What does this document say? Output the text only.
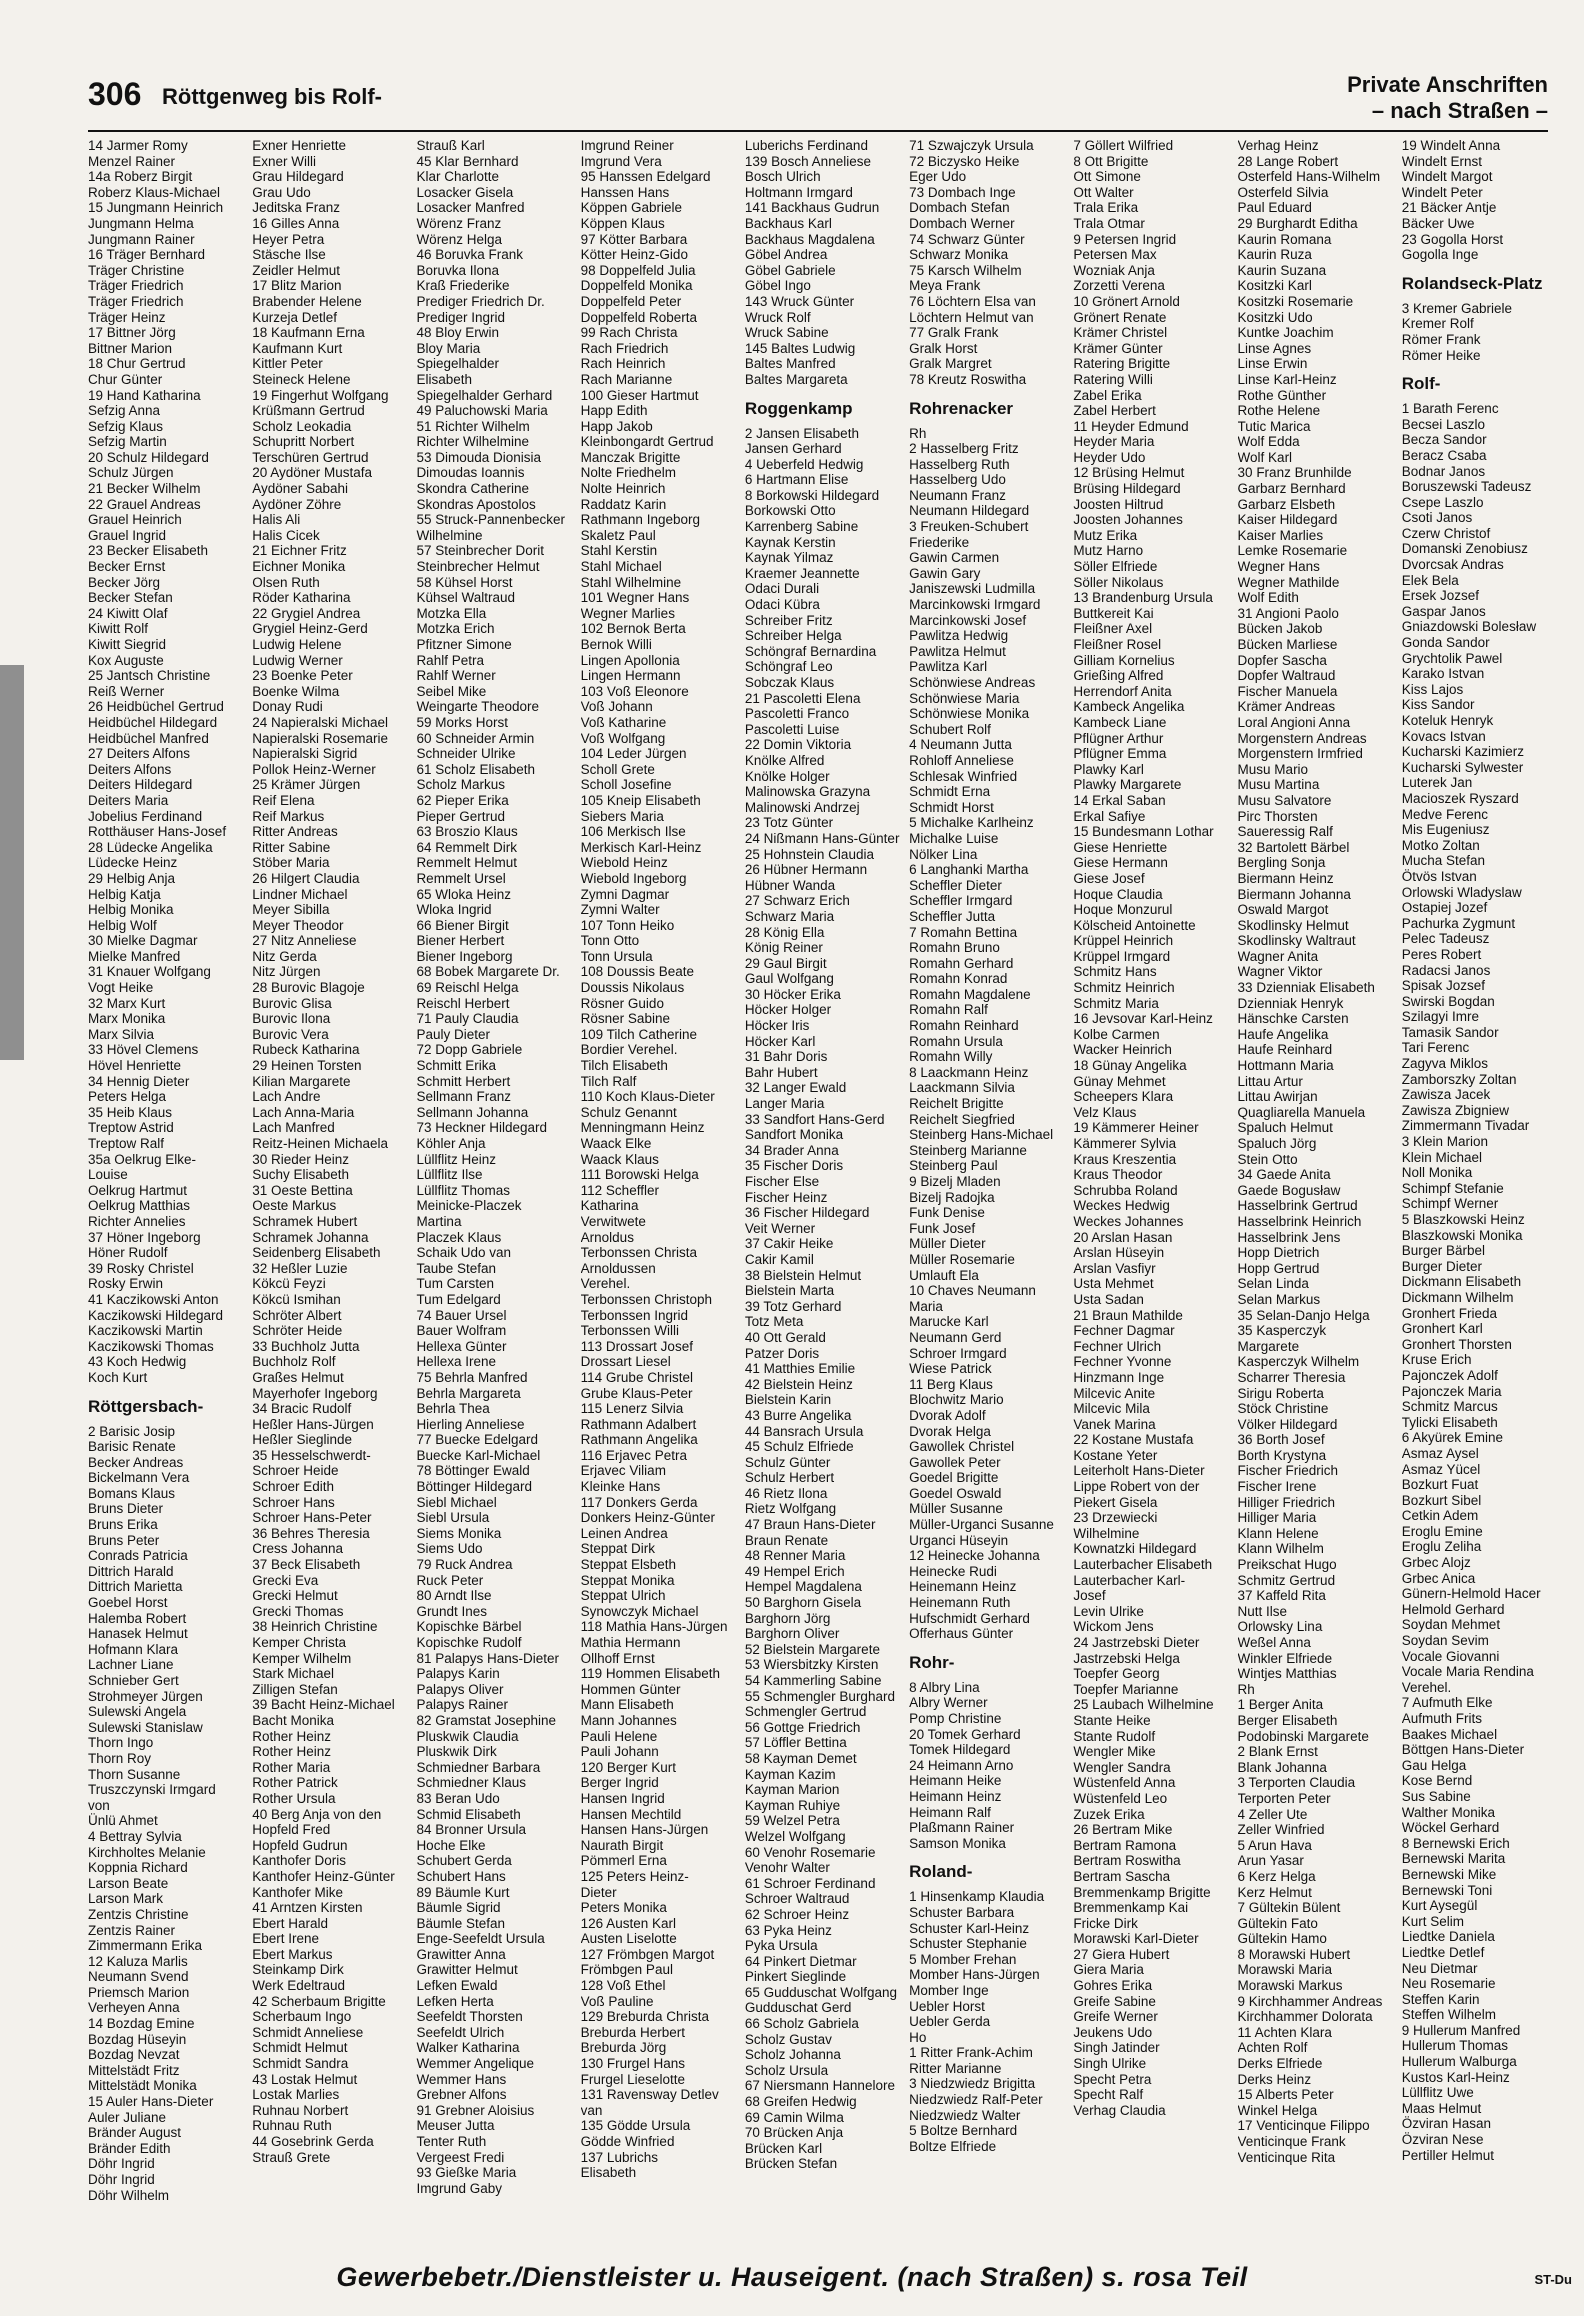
306 Röttgenweg bis Rolf-	Private Anschriften
– nach Straßen –
14 Jarmer Romy
Menzel Rainer
14a Roberz Birgit
Roberz Klaus-Michael
15 Jungmann Heinrich
Jungmann Helma
Jungmann Rainer
16 Träger Bernhard
Träger Christine
Träger Friedrich
Träger Friedrich
Träger Heinz
17 Bittner Jörg
Bittner Marion
18 Chur Gertrud
Chur Günter
19 Hand Katharina
Sefzig Anna
Sefzig Klaus
Sefzig Martin
20 Schulz Hildegard
Schulz Jürgen
21 Becker Wilhelm
22 Grauel Andreas
Grauel Heinrich
Grauel Ingrid
23 Becker Elisabeth
Becker Ernst
Becker Jörg
Becker Stefan
24 Kiwitt Olaf
Kiwitt Rolf
Kiwitt Siegrid
Kox Auguste
25 Jantsch Christine
Reiß Werner
26 Heidbüchel Gertrud
Heidbüchel Hildegard
Heidbüchel Manfred
27 Deiters Alfons
Deiters Alfons
Deiters Hildegard
Deiters Maria
Jobelius Ferdinand
Rotthäuser Hans-Josef
28 Lüdecke Angelika
Lüdecke Heinz
29 Helbig Anja
Helbig Katja
Helbig Monika
Helbig Wolf
30 Mielke Dagmar
Mielke Manfred
31 Knauer Wolfgang
Vogt Heike
32 Marx Kurt
Marx Monika
Marx Silvia
33 Hövel Clemens
Hövel Henriette
34 Hennig Dieter
Peters Helga
35 Heib Klaus
Treptow Astrid
Treptow Ralf
35a Oelkrug Elke-
Louise
Oelkrug Hartmut
Oelkrug Matthias
Richter Annelies
37 Höner Ingeborg
Höner Rudolf
39 Rosky Christel
Rosky Erwin
41 Kaczikowski Anton
Kaczikowski Hildegard
Kaczikowski Martin
Kaczikowski Thomas
43 Koch Hedwig
Koch Kurt
Röttgersbach-
2 Barisic Josip
Barisic Renate
Becker Andreas
Bickelmann Vera
Bomans Klaus
Bruns Dieter
Bruns Erika
Bruns Peter
Conrads Patricia
Dittrich Harald
Dittrich Marietta
Goebel Horst
Halemba Robert
Hanasek Helmut
Hofmann Klara
Lachner Liane
Schnieber Gert
Strohmeyer Jürgen
Sulewski Angela
Sulewski Stanislaw
Thorn Ingo
Thorn Roy
Thorn Susanne
Truszczynski Irmgard
von
Ünlü Ahmet
4 Bettray Sylvia
Kirchholtes Melanie
Koppnia Richard
Larson Beate
Larson Mark
Zentzis Christine
Zentzis Rainer
Zimmermann Erika
12 Kaluza Marlis
Neumann Svend
Priemsch Marion
Verheyen Anna
14 Bozdag Emine
Bozdag Hüseyin
Bozdag Nevzat
Mittelstädt Fritz
Mittelstädt Monika
15 Auler Hans-Dieter
Auler Juliane
Bränder August
Bränder Edith
Döhr Ingrid
Döhr Ingrid
Döhr Wilhelm
Exner Henriette
Exner Willi
Grau Hildegard
Grau Udo
Jeditska Franz
16 Gilles Anna
Heyer Petra
Stäsche Ilse
Zeidler Helmut
17 Blitz Marion
Brabender Helene
Kurzeja Detlef
18 Kaufmann Erna
Kaufmann Kurt
Kittler Peter
Steineck Helene
19 Fingerhut Wolfgang
Krüßmann Gertrud
Scholz Leokadia
Schupritt Norbert
Terschüren Gertrud
20 Aydöner Mustafa
Aydöner Sabahi
Aydöner Zöhre
Halis Ali
Halis Cicek
21 Eichner Fritz
Eichner Monika
Olsen Ruth
Röder Katharina
22 Grygiel Andrea
Grygiel Heinz-Gerd
Ludwig Helene
Ludwig Werner
23 Boenke Peter
Boenke Wilma
Donay Rudi
24 Napieralski Michael
Napieralski Rosemarie
Napieralski Sigrid
Pollok Heinz-Werner
25 Krämer Jürgen
Reif Elena
Reif Markus
Ritter Andreas
Ritter Sabine
Stöber Maria
26 Hilgert Claudia
Lindner Michael
Meyer Sibilla
Meyer Theodor
27 Nitz Anneliese
Nitz Gerda
Nitz Jürgen
28 Burovic Blagoje
Burovic Glisa
Burovic Ilona
Burovic Vera
Rubeck Katharina
29 Heinen Torsten
Kilian Margarete
Lach Andre
Lach Anna-Maria
Lach Manfred
Reitz-Heinen Michaela
30 Rieder Heinz
Suchy Elisabeth
31 Oeste Bettina
Oeste Markus
Schramek Hubert
Schramek Johanna
Seidenberg Elisabeth
32 Heßler Luzie
Kökcü Feyzi
Kökcü Ismihan
Schröter Albert
Schröter Heide
33 Buchholz Jutta
Buchholz Rolf
Graßes Helmut
Mayerhofer Ingeborg
34 Bracic Rudolf
Heßler Hans-Jürgen
Heßler Sieglinde
35 Hesselschwerdt-
Schroer Heide
Schroer Edith
Schroer Hans
Schroer Hans-Peter
36 Behres Theresia
Cress Johanna
37 Beck Elisabeth
Grecki Eva
Grecki Helmut
Grecki Thomas
38 Heinrich Christine
Kemper Christa
Kemper Wilhelm
Stark Michael
Zilligen Stefan
39 Bacht Heinz-Michael
Bacht Monika
Rother Heinz
Rother Heinz
Rother Maria
Rother Patrick
Rother Ursula
40 Berg Anja von den
Hopfeld Fred
Hopfeld Gudrun
Kanthofer Doris
Kanthofer Heinz-Günter
Kanthofer Mike
41 Arntzen Kirsten
Ebert Harald
Ebert Irene
Ebert Markus
Steinkamp Dirk
Werk Edeltraud
42 Scherbaum Brigitte
Scherbaum Ingo
Schmidt Anneliese
Schmidt Helmut
Schmidt Sandra
43 Lostak Helmut
Lostak Marlies
Ruhnau Norbert
Ruhnau Ruth
44 Gosebrink Gerda
Strauß Grete
Strauß Karl
45 Klar Bernhard
Klar Charlotte
Losacker Gisela
Losacker Manfred
Wörenz Franz
Wörenz Helga
46 Boruvka Frank
Boruvka Ilona
Kraß Friederike
Prediger Friedrich Dr.
Prediger Ingrid
48 Bloy Erwin
Bloy Maria
Spiegelhalder
Elisabeth
Spiegelhalder Gerhard
49 Paluchowski Maria
51 Richter Wilhelm
Richter Wilhelmine
53 Dimouda Dionisia
Dimoudas Ioannis
Skondra Catherine
Skondras Apostolos
55 Struck-Pannenbecker
Wilhelmine
57 Steinbrecher Dorit
Steinbrecher Helmut
58 Kühsel Horst
Kühsel Waltraud
Motzka Ella
Motzka Erich
Pfitzner Simone
Rahlf Petra
Rahlf Werner
Seibel Mike
Weingarte Theodore
59 Morks Horst
60 Schneider Armin
Schneider Ulrike
61 Scholz Elisabeth
Scholz Markus
62 Pieper Erika
Pieper Gertrud
63 Broszio Klaus
64 Remmelt Dirk
Remmelt Helmut
Remmelt Ursel
65 Wloka Heinz
Wloka Ingrid
66 Biener Birgit
Biener Herbert
Biener Ingeborg
68 Bobek Margarete Dr.
69 Reischl Helga
Reischl Herbert
71 Pauly Claudia
Pauly Dieter
72 Dopp Gabriele
Schmitt Erika
Schmitt Herbert
Sellmann Franz
Sellmann Johanna
73 Heckner Hildegard
Köhler Anja
Lüllflitz Heinz
Lüllflitz Ilse
Lüllflitz Thomas
Meinicke-Placzek
Martina
Placzek Klaus
Schaik Udo van
Taube Stefan
Tum Carsten
Tum Edelgard
74 Bauer Ursel
Bauer Wolfram
Hellexa Günter
Hellexa Irene
75 Behrla Manfred
Behrla Margareta
Behrla Thea
Hierling Anneliese
77 Buecke Edelgard
Buecke Karl-Michael
78 Böttinger Ewald
Böttinger Hildegard
Siebl Michael
Siebl Ursula
Siems Monika
Siems Udo
79 Ruck Andrea
Ruck Peter
80 Arndt Ilse
Grundt Ines
Kopischke Bärbel
Kopischke Rudolf
81 Palapys Hans-Dieter
Palapys Karin
Palapys Oliver
Palapys Rainer
82 Gramstat Josephine
Pluskwik Claudia
Pluskwik Dirk
Schmiedner Barbara
Schmiedner Klaus
83 Beran Udo
Schmid Elisabeth
84 Bronner Ursula
Hoche Elke
Schubert Gerda
Schubert Hans
89 Bäumle Kurt
Bäumle Sigrid
Bäumle Stefan
Enge-Seefeldt Ursula
Grawitter Anna
Grawitter Helmut
Lefken Ewald
Lefken Herta
Seefeldt Thorsten
Seefeldt Ulrich
Walker Katharina
Wemmer Angelique
Wemmer Hans
Grebner Alfons
91 Grebner Aloisius
Meuser Jutta
Tenter Ruth
Vergeest Fredi
93 Gießke Maria
Imgrund Gaby
Imgrund Reiner
Imgrund Vera
95 Hanssen Edelgard
Hanssen Hans
Köppen Gabriele
Köppen Klaus
97 Kötter Barbara
Kötter Heinz-Gido
98 Doppelfeld Julia
Doppelfeld Monika
Doppelfeld Peter
Doppelfeld Roberta
99 Rach Christa
Rach Friedrich
Rach Heinrich
Rach Marianne
100 Gieser Hartmut
Happ Edith
Happ Jakob
Kleinbongardt Gertrud
Manczak Brigitte
Nolte Friedhelm
Nolte Heinrich
Raddatz Karin
Rathmann Ingeborg
Skaletz Paul
Stahl Kerstin
Stahl Michael
Stahl Wilhelmine
101 Wegner Hans
Wegner Marlies
102 Bernok Berta
Bernok Willi
Lingen Apollonia
Lingen Hermann
103 Voß Eleonore
Voß Johann
Voß Katharine
Voß Wolfgang
104 Leder Jürgen
Scholl Grete
Scholl Josefine
105 Kneip Elisabeth
Siebers Maria
106 Merkisch Ilse
Merkisch Karl-Heinz
Wiebold Heinz
Wiebold Ingeborg
Zymni Dagmar
Zymni Walter
107 Tonn Heiko
Tonn Otto
Tonn Ursula
108 Doussis Beate
Doussis Nikolaus
Rösner Guido
Rösner Sabine
109 Tilch Catherine
Bordier Verehel.
Tilch Elisabeth
Tilch Ralf
110 Koch Klaus-Dieter
Schulz Genannt
Menningmann Heinz
Waack Elke
Waack Klaus
111 Borowski Helga
112 Scheffler
Katharina
Verwitwete
Arnoldus
Terbonssen Christa
Arnoldussen
Verehel.
Terbonssen Christoph
Terbonssen Ingrid
Terbonssen Willi
113 Drossart Josef
Drossart Liesel
114 Grube Christel
Grube Klaus-Peter
115 Lenerz Silvia
Rathmann Adalbert
Rathmann Angelika
116 Erjavec Petra
Erjavec Viliam
Kleinke Hans
117 Donkers Gerda
Donkers Heinz-Günter
Leinen Andrea
Steppat Dirk
Steppat Elsbeth
Steppat Monika
Steppat Ulrich
Synowczyk Michael
118 Mathia Hans-Jürgen
Mathia Hermann
Ollhoff Ernst
119 Hommen Elisabeth
Hommen Günter
Mann Elisabeth
Mann Johannes
Pauli Helene
Pauli Johann
120 Berger Kurt
Berger Ingrid
Hansen Ingrid
Hansen Mechtild
Hansen Hans-Jürgen
Naurath Birgit
Pömmerl Erna
125 Peters Heinz-
Dieter
Peters Monika
126 Austen Karl
Austen Liselotte
127 Frömbgen Margot
Frömbgen Paul
128 Voß Ethel
Voß Pauline
129 Breburda Christa
Breburda Herbert
Breburda Jörg
130 Frurgel Hans
Frurgel Lieselotte
131 Ravensway Detlev
van
135 Gödde Ursula
Gödde Winfried
137 Lubrichs
Elisabeth
Luberichs Ferdinand
139 Bosch Anneliese
Bosch Ulrich
Holtmann Irmgard
141 Backhaus Gudrun
Backhaus Karl
Backhaus Magdalena
Göbel Andrea
Göbel Gabriele
Göbel Ingo
143 Wruck Günter
Wruck Rolf
Wruck Sabine
145 Baltes Ludwig
Baltes Manfred
Baltes Margareta
Roggenkamp
2 Jansen Elisabeth
Jansen Gerhard
4 Ueberfeld Hedwig
6 Hartmann Elise
8 Borkowski Hildegard
Borkowski Otto
Karrenberg Sabine
Kaynak Kerstin
Kaynak Yilmaz
Kraemer Jeannette
Odaci Durali
Odaci Kübra
Schreiber Fritz
Schreiber Helga
Schöngraf Bernardina
Schöngraf Leo
Sobczak Klaus
21 Pascoletti Elena
Pascoletti Franco
Pascoletti Luise
22 Domin Viktoria
Knölke Alfred
Knölke Holger
Malinowska Grazyna
Malinowski Andrzej
23 Totz Günter
24 Nißmann Hans-Günter
25 Hohnstein Claudia
26 Hübner Hermann
Hübner Wanda
27 Schwarz Erich
Schwarz Maria
28 König Ella
König Reiner
29 Gaul Birgit
Gaul Wolfgang
30 Höcker Erika
Höcker Holger
Höcker Iris
Höcker Karl
31 Bahr Doris
Bahr Hubert
32 Langer Ewald
Langer Maria
33 Sandfort Hans-Gerd
Sandfort Monika
34 Brader Anna
35 Fischer Doris
Fischer Else
Fischer Heinz
36 Fischer Hildegard
Veit Werner
37 Cakir Heike
Cakir Kamil
38 Bielstein Helmut
Bielstein Marta
39 Totz Gerhard
Totz Meta
40 Ott Gerald
Patzer Doris
41 Matthies Emilie
42 Bielstein Heinz
Bielstein Karin
43 Burre Angelika
44 Bansrach Ursula
45 Schulz Elfriede
Schulz Günter
Schulz Herbert
46 Rietz Ilona
Rietz Wolfgang
47 Braun Hans-Dieter
Braun Renate
48 Renner Maria
49 Hempel Erich
Hempel Magdalena
50 Barghorn Gisela
Barghorn Jörg
Barghorn Oliver
52 Bielstein Margarete
53 Wiersbitzky Kirsten
54 Kammerling Sabine
55 Schmengler Burghard
Schmengler Gertrud
56 Gottge Friedrich
57 Löffler Bettina
58 Kayman Demet
Kayman Kazim
Kayman Marion
Kayman Ruhiye
59 Welzel Petra
Welzel Wolfgang
60 Venohr Rosemarie
Venohr Walter
61 Schroer Ferdinand
Schroer Waltraud
62 Schroer Heinz
63 Pyka Heinz
Pyka Ursula
64 Pinkert Dietmar
Pinkert Sieglinde
65 Gudduschat Wolfgang
Gudduschat Gerd
66 Scholz Gabriela
Scholz Gustav
Scholz Johanna
Scholz Ursula
67 Niersmann Hannelore
68 Greifen Hedwig
69 Camin Wilma
70 Brücken Anja
Brücken Karl
Brücken Stefan
71 Szwajczyk Ursula
72 Biczysko Heike
Eger Udo
73 Dombach Inge
Dombach Stefan
Dombach Werner
74 Schwarz Günter
Schwarz Monika
75 Karsch Wilhelm
Meya Frank
76 Löchtern Elsa van
Löchtern Helmut van
77 Gralk Frank
Gralk Horst
Gralk Margret
78 Kreutz Roswitha
Rohrenacker
Rh
2 Hasselberg Fritz
Hasselberg Ruth
Hasselberg Udo
Neumann Franz
Neumann Hildegard
3 Freuken-Schubert
Friederike
Gawin Carmen
Gawin Gary
Janiszewski Ludmilla
Marcinkowski Irmgard
Marcinkowski Josef
Pawlitza Hedwig
Pawlitza Helmut
Pawlitza Karl
Schönwiese Andreas
Schönwiese Maria
Schönwiese Monika
Schubert Rolf
4 Neumann Jutta
Rohloff Anneliese
Schlesak Winfried
Schmidt Erna
Schmidt Horst
5 Michalke Karlheinz
Michalke Luise
Nölker Lina
6 Langhanki Martha
Scheffler Dieter
Scheffler Irmgard
Scheffler Jutta
7 Romahn Bettina
Romahn Bruno
Romahn Gerhard
Romahn Konrad
Romahn Magdalene
Romahn Ralf
Romahn Reinhard
Romahn Ursula
Romahn Willy
8 Laackmann Heinz
Laackmann Silvia
Reichelt Brigitte
Reichelt Siegfried
Steinberg Hans-Michael
Steinberg Marianne
Steinberg Paul
9 Bizelj Mladen
Bizelj Radojka
Funk Denise
Funk Josef
Müller Dieter
Müller Rosemarie
Umlauft Ela
10 Chaves Neumann
Maria
Marucke Karl
Neumann Gerd
Schroer Irmgard
Wiese Patrick
11 Berg Klaus
Blochwitz Mario
Dvorak Adolf
Dvorak Helga
Gawollek Christel
Gawollek Peter
Goedel Brigitte
Goedel Oswald
Müller Susanne
Müller-Urganci Susanne
Urganci Hüseyin
12 Heinecke Johanna
Heinecke Rudi
Heinemann Heinz
Heinemann Ruth
Hufschmidt Gerhard
Offerhaus Günter
Rohr-
8 Albry Lina
Albry Werner
Pomp Christine
20 Tomek Gerhard
Tomek Hildegard
24 Heimann Arno
Heimann Heike
Heimann Heinz
Heimann Ralf
Plaßmann Rainer
Samson Monika
Roland-
1 Hinsenkamp Klaudia
Schuster Barbara
Schuster Karl-Heinz
Schuster Stephanie
5 Momber Frehan
Momber Hans-Jürgen
Momber Inge
Uebler Horst
Uebler Gerda
Ho
1 Ritter Frank-Achim
Ritter Marianne
3 Niedzwiedz Brigitta
Niedzwiedz Ralf-Peter
Niedzwiedz Walter
5 Boltze Bernhard
Boltze Elfriede
7 Göllert Wilfried
8 Ott Brigitte
Ott Simone
Ott Walter
Trala Erika
Trala Otmar
9 Petersen Ingrid
Petersen Max
Wozniak Anja
Zorzetti Verena
10 Grönert Arnold
Grönert Renate
Krämer Christel
Krämer Günter
Ratering Brigitte
Ratering Willi
Zabel Erika
Zabel Herbert
11 Heyder Edmund
Heyder Maria
Heyder Udo
12 Brüsing Helmut
Brüsing Hildegard
Joosten Hiltrud
Joosten Johannes
Mutz Erika
Mutz Harno
Söller Elfriede
Söller Nikolaus
13 Brandenburg Ursula
Buttkereit Kai
Fleißner Axel
Fleißner Rosel
Gilliam Kornelius
Grießing Alfred
Herrendorf Anita
Kambeck Angelika
Kambeck Liane
Pflügner Arthur
Pflügner Emma
Plawky Karl
Plawky Margarete
14 Erkal Saban
Erkal Safiye
15 Bundesmann Lothar
Giese Henriette
Giese Hermann
Giese Josef
Hoque Claudia
Hoque Monzurul
Kölscheid Antoinette
Krüppel Heinrich
Krüppel Irmgard
Schmitz Hans
Schmitz Heinrich
Schmitz Maria
16 Jevsovar Karl-Heinz
Kolbe Carmen
Wacker Heinrich
18 Günay Angelika
Günay Mehmet
Scheepers Klara
Velz Klaus
19 Kämmerer Heiner
Kämmerer Sylvia
Kraus Kreszentia
Kraus Theodor
Schrubba Roland
Weckes Hedwig
Weckes Johannes
20 Arslan Hasan
Arslan Hüseyin
Arslan Vasfiyr
Usta Mehmet
Usta Sadan
21 Braun Mathilde
Fechner Dagmar
Fechner Ulrich
Fechner Yvonne
Hinzmann Inge
Milcevic Anite
Milcevic Mila
Vanek Marina
22 Kostane Mustafa
Kostane Yeter
Leiterholt Hans-Dieter
Lippe Robert von der
Piekert Gisela
23 Drzewiecki
Wilhelmine
Kownatzki Hildegard
Lauterbacher Elisabeth
Lauterbacher Karl-
Josef
Levin Ulrike
Wickom Jens
24 Jastrzebski Dieter
Jastrzebski Helga
Toepfer Georg
Toepfer Marianne
25 Laubach Wilhelmine
Stante Heike
Stante Rudolf
Wengler Mike
Wengler Sandra
Wüstenfeld Anna
Wüstenfeld Leo
Zuzek Erika
26 Bertram Mike
Bertram Ramona
Bertram Roswitha
Bertram Sascha
Bremmenkamp Brigitte
Bremmenkamp Kai
Fricke Dirk
Morawski Karl-Dieter
27 Giera Hubert
Giera Maria
Gohres Erika
Greife Sabine
Greife Werner
Jeukens Udo
Singh Jatinder
Singh Ulrike
Specht Petra
Specht Ralf
Verhag Claudia
Verhag Heinz
28 Lange Robert
Osterfeld Hans-Wilhelm
Osterfeld Silvia
Paul Eduard
29 Burghardt Editha
Kaurin Romana
Kaurin Ruza
Kaurin Suzana
Kositzki Karl
Kositzki Rosemarie
Kositzki Udo
Kuntke Joachim
Linse Agnes
Linse Erwin
Linse Karl-Heinz
Rothe Günther
Rothe Helene
Tutic Marica
Wolf Edda
Wolf Karl
30 Franz Brunhilde
Garbarz Bernhard
Garbarz Elsbeth
Kaiser Hildegard
Kaiser Marlies
Lemke Rosemarie
Wegner Hans
Wegner Mathilde
Wolf Edith
31 Angioni Paolo
Bücken Jakob
Bücken Marliese
Dopfer Sascha
Dopfer Waltraud
Fischer Manuela
Krämer Andreas
Loral Angioni Anna
Morgenstern Andreas
Morgenstern Irmfried
Musu Mario
Musu Martina
Musu Salvatore
Pirc Thorsten
Saueressig Ralf
32 Bartolett Bärbel
Bergling Sonja
Biermann Heinz
Biermann Johanna
Oswald Margot
Skodlinsky Helmut
Skodlinsky Waltraut
Wagner Anita
Wagner Viktor
33 Dzienniak Elisabeth
Dzienniak Henryk
Hänschke Carsten
Haufe Angelika
Haufe Reinhard
Hottmann Maria
Littau Artur
Littau Awirjan
Quagliarella Manuela
Spaluch Helmut
Spaluch Jörg
Stein Otto
34 Gaede Anita
Gaede Bogusław
Hasselbrink Gertrud
Hasselbrink Heinrich
Hasselbrink Jens
Hopp Dietrich
Hopp Gertrud
Selan Linda
Selan Markus
35 Selan-Danjo Helga
35 Kasperczyk
Margarete
Kasperczyk Wilhelm
Scharrer Theresia
Sirigu Roberta
Stöck Christine
Völker Hildegard
36 Borth Josef
Borth Krystyna
Fischer Friedrich
Fischer Irene
Hilliger Friedrich
Hilliger Maria
Klann Helene
Klann Wilhelm
Preikschat Hugo
Schmitz Gertrud
37 Kaffeld Rita
Nutt Ilse
Orlowsky Lina
Weßel Anna
Winkler Elfriede
Wintjes Matthias
Rh
1 Berger Anita
Berger Elisabeth
Podobinski Margarete
2 Blank Ernst
Blank Johanna
3 Terporten Claudia
Terporten Peter
4 Zeller Ute
Zeller Winfried
5 Arun Hava
Arun Yasar
6 Kerz Helga
Kerz Helmut
7 Gültekin Bülent
Gültekin Fato
Gültekin Hamo
8 Morawski Hubert
Morawski Maria
Morawski Markus
9 Kirchhammer Andreas
Kirchhammer Dolorata
11 Achten Klara
Achten Rolf
Derks Elfriede
Derks Heinz
15 Alberts Peter
Winkel Helga
17 Venticinque Filippo
Venticinque Frank
Venticinque Rita
19 Windelt Anna
Windelt Ernst
Windelt Margot
Windelt Peter
21 Bäcker Antje
Bäcker Uwe
23 Gogolla Horst
Gogolla Inge
Rolandseck-Platz
3 Kremer Gabriele
Kremer Rolf
Römer Frank
Römer Heike
Rolf-
1 Barath Ferenc
Becsei Laszlo
Becza Sandor
Beracz Csaba
Bodnar Janos
Boruszewski Tadeusz
Csepe Laszlo
Csoti Janos
Czerw Christof
Domanski Zenobiusz
Dvorcsak Andras
Elek Bela
Ersek Jozsef
Gaspar Janos
Gniazdowski Bolesław
Gonda Sandor
Grychtolik Pawel
Karako Istvan
Kiss Lajos
Kiss Sandor
Koteluk Henryk
Kovacs Istvan
Kucharski Kazimierz
Kucharski Sylwester
Luterek Jan
Macioszek Ryszard
Medve Ferenc
Mis Eugeniusz
Motko Zoltan
Mucha Stefan
Ötvös Istvan
Orlowski Wladyslaw
Ostapiej Jozef
Pachurka Zygmunt
Pelec Tadeusz
Peres Robert
Radacsi Janos
Spisak Jozsef
Swirski Bogdan
Szilagyi Imre
Tamasik Sandor
Tari Ferenc
Zagyva Miklos
Zamborszky Zoltan
Zawisza Jacek
Zawisza Zbigniew
Zimmermann Tivadar
3 Klein Marion
Klein Michael
Noll Monika
Schimpf Stefanie
Schimpf Werner
5 Blaszkowski Heinz
Blaszkowski Monika
Burger Bärbel
Burger Dieter
Dickmann Elisabeth
Dickmann Wilhelm
Gronhert Frieda
Gronhert Karl
Gronhert Thorsten
Kruse Erich
Pajonczek Adolf
Pajonczek Maria
Schmitz Marcus
Tylicki Elisabeth
6 Akyürek Emine
Asmaz Aysel
Asmaz Yücel
Bozkurt Fuat
Bozkurt Sibel
Cetkin Adem
Eroglu Emine
Eroglu Zeliha
Grbec Alojz
Grbec Anica
Günern-Helmold Hacer
Helmold Gerhard
Soydan Mehmet
Soydan Sevim
Vocale Giovanni
Vocale Maria Rendina
Verehel.
7 Aufmuth Elke
Aufmuth Frits
Baakes Michael
Böttgen Hans-Dieter
Gau Helga
Kose Bernd
Sus Sabine
Walther Monika
Wöckel Gerhard
8 Bernewski Erich
Bernewski Marita
Bernewski Mike
Bernewski Toni
Kurt Aysegül
Kurt Selim
Liedtke Daniela
Liedtke Detlef
Neu Dietmar
Neu Rosemarie
Steffen Karin
Steffen Wilhelm
9 Hullerum Manfred
Hullerum Thomas
Hullerum Walburga
Kustos Karl-Heinz
Lüllflitz Uwe
Maas Helmut
Özviran Hasan
Özviran Nese
Pertiller Helmut
Gewerbebetr./Dienstleister u. Hauseigent. (nach Straßen) s. rosa Teil	ST-Du
